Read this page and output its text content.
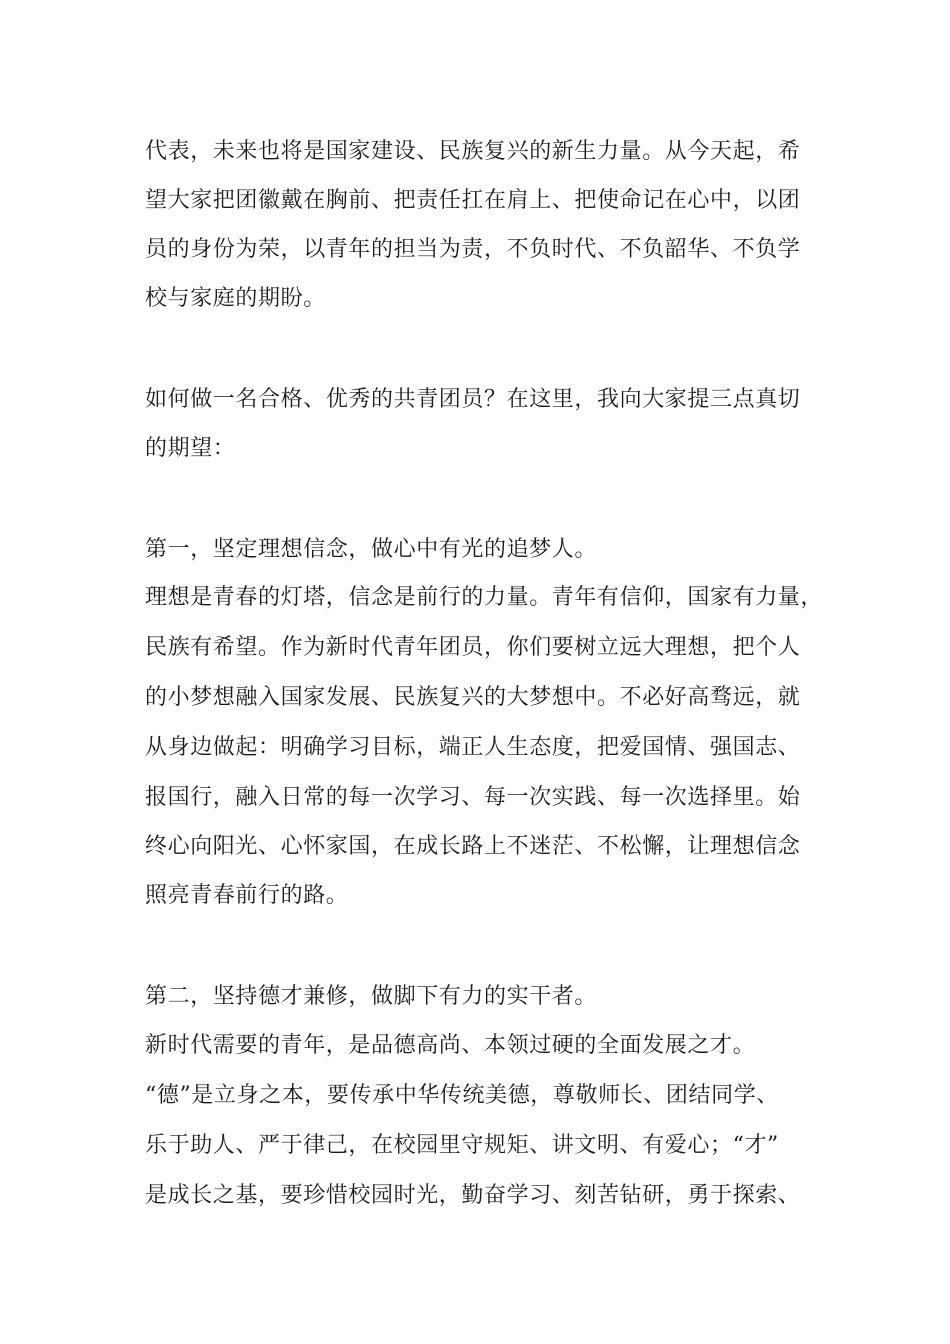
代表，未来也将是国家建设、民族复兴的新生力量。从今天起，希
望大家把团徽戴在胸前、把责任扛在肩上、把使命记在心中，以团
员的身份为荣，以青年的担当为责，不负时代、不负韶华、不负学
校与家庭的期盼。
如何做一名合格、优秀的共青团员？在这里，我向大家提三点真切
的期望：
第一，坚定理想信念，做心中有光的追梦人。
理想是青春的灯塔，信念是前行的力量。青年有信仰，国家有力量，
民族有希望。作为新时代青年团员，你们要树立远大理想，把个人
的小梦想融入国家发展、民族复兴的大梦想中。不必好高骛远，就
从身边做起：明确学习目标，端正人生态度，把爱国情、强国志、
报国行，融入日常的每一次学习、每一次实践、每一次选择里。始
终心向阳光、心怀家国，在成长路上不迷茫、不松懈，让理想信念
照亮青春前行的路。
第二，坚持德才兼修，做脚下有力的实干者。
新时代需要的青年，是品德高尚、本领过硬的全面发展之才。
“德”是立身之本，要传承中华传统美德，尊敬师长、团结同学、
乐于助人、严于律己，在校园里守规矩、讲文明、有爱心；“才”
是成长之基，要珍惜校园时光，勤奋学习、刻苦钻研，勇于探索、
